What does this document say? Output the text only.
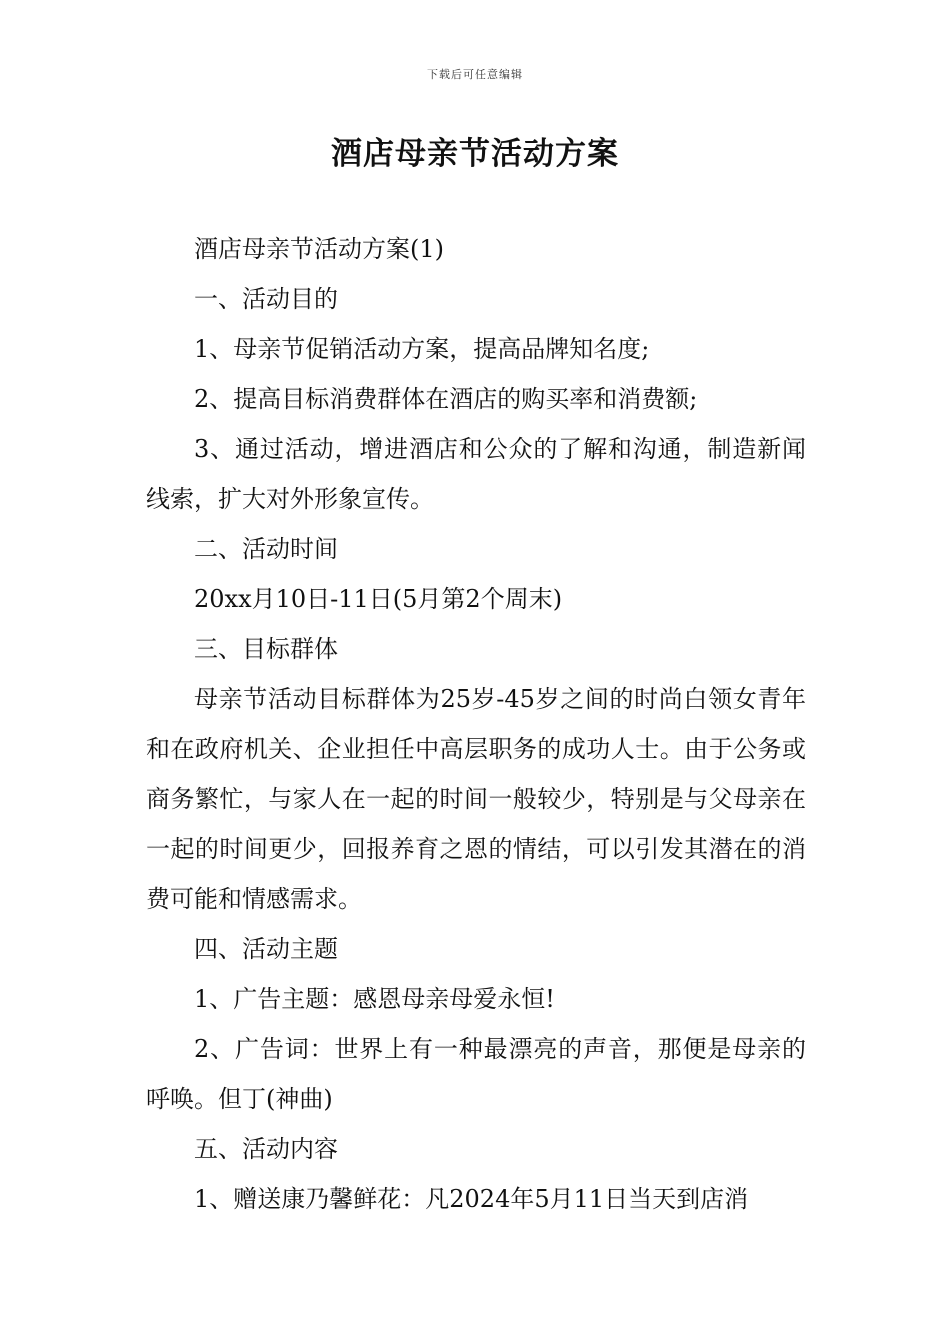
下载后可任意编辑
酒店母亲节活动方案

酒店母亲节活动方案(1)

一、活动目的

1、母亲节促销活动方案，提高品牌知名度;

2、提高目标消费群体在酒店的购买率和消费额;

3、通过活动，增进酒店和公众的了解和沟通，制造新闻线索，扩大对外形象宣传。

二、活动时间

20xx月10日-11日(5月第2个周末)

三、目标群体

母亲节活动目标群体为25岁-45岁之间的时尚白领女青年和在政府机关、企业担任中高层职务的成功人士。由于公务或商务繁忙，与家人在一起的时间一般较少，特别是与父母亲在一起的时间更少，回报养育之恩的情结，可以引发其潜在的消费可能和情感需求。

四、活动主题

1、广告主题：感恩母亲母爱永恒!

2、广告词：世界上有一种最漂亮的声音，那便是母亲的呼唤。但丁(神曲)

五、活动内容

1、赠送康乃馨鲜花：凡2024年5月11日当天到店消
